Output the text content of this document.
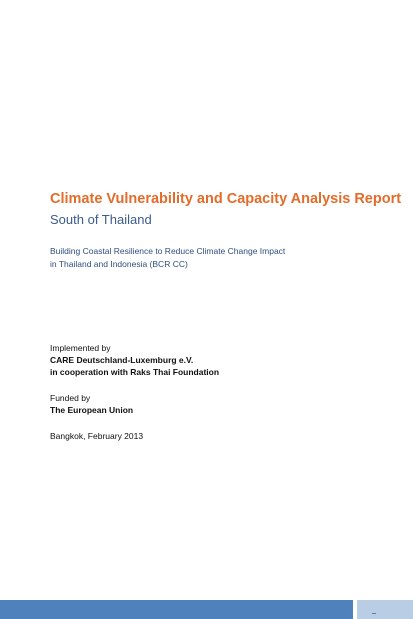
Climate Vulnerability and Capacity Analysis Report
South of Thailand
Building Coastal Resilience to Reduce Climate Change Impact
in Thailand and Indonesia (BCR CC)
Implemented by
CARE Deutschland-Luxemburg e.V.
in cooperation with Raks Thai Foundation
Funded by
The European Union
Bangkok, February 2013
